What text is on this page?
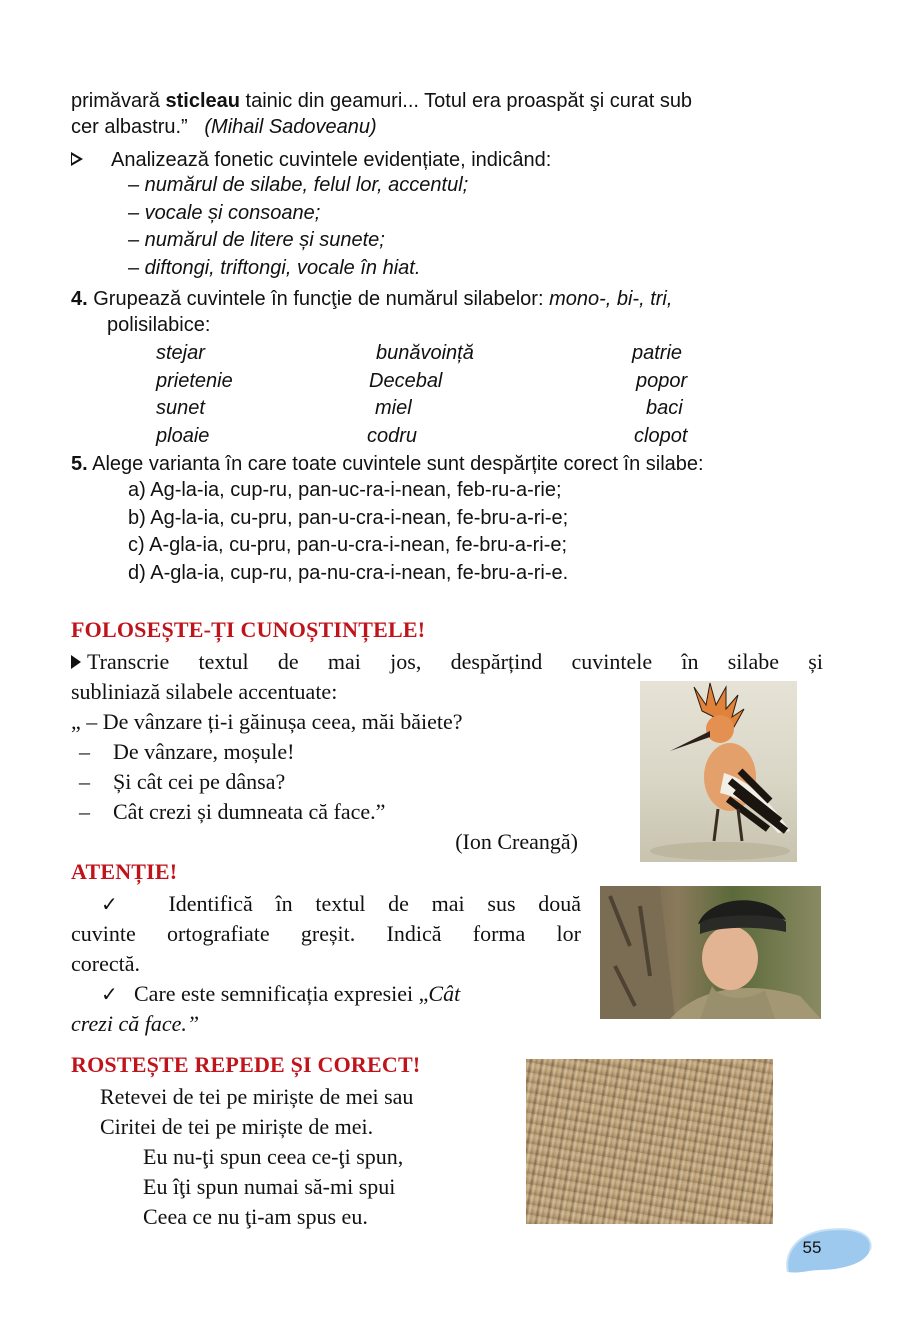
primăvară sticleau tainic din geamuri... Totul era proaspăt şi curat sub
cer albastru.” (Mihail Sadoveanu)
Analizează fonetic cuvintele evidențiate, indicând:
– numărul de silabe, felul lor, accentul;
– vocale și consoane;
– numărul de litere și sunete;
– diftongi, triftongi, vocale în hiat.
4. Grupează cuvintele în funcţie de numărul silabelor: mono-, bi-, tri,
polisilabice:
stejar	bunăvoință	patrie
prietenie	Decebal	popor
sunet	miel	baci
ploaie	codru	clopot
5. Alege varianta în care toate cuvintele sunt despărțite corect în silabe:
a) Ag-la-ia, cup-ru, pan-uc-ra-i-nean, feb-ru-a-rie;
b) Ag-la-ia, cu-pru, pan-u-cra-i-nean, fe-bru-a-ri-e;
c) A-gla-ia, cu-pru, pan-u-cra-i-nean, fe-bru-a-ri-e;
d) A-gla-ia, cup-ru, pa-nu-cra-i-nean, fe-bru-a-ri-e.
FOLOSEȘTE-ȚI CUNOȘTINȚELE!
Transcrie textul de mai jos, despărțind cuvintele în silabe și
subliniază silabele accentuate:
„ – De vânzare ți-i găinușa ceea, măi băiete?
– De vânzare, moșule!
– Și cât cei pe dânsa?
– Cât crezi și dumneata că face.”
(Ion Creangă)
ATENȚIE!
✓ Identifică în textul de mai sus două
cuvinte ortografiate greșit. Indică forma lor
corectă.
✓ Care este semnificația expresiei „Cât
crezi că face.”
ROSTEȘTE REPEDE ȘI CORECT!
Retevei de tei pe miriște de mei sau
Ciritei de tei pe miriște de mei.
Eu nu-ţi spun ceea ce-ţi spun,
Eu îţi spun numai să-mi spui
Ceea ce nu ţi-am spus eu.
55
